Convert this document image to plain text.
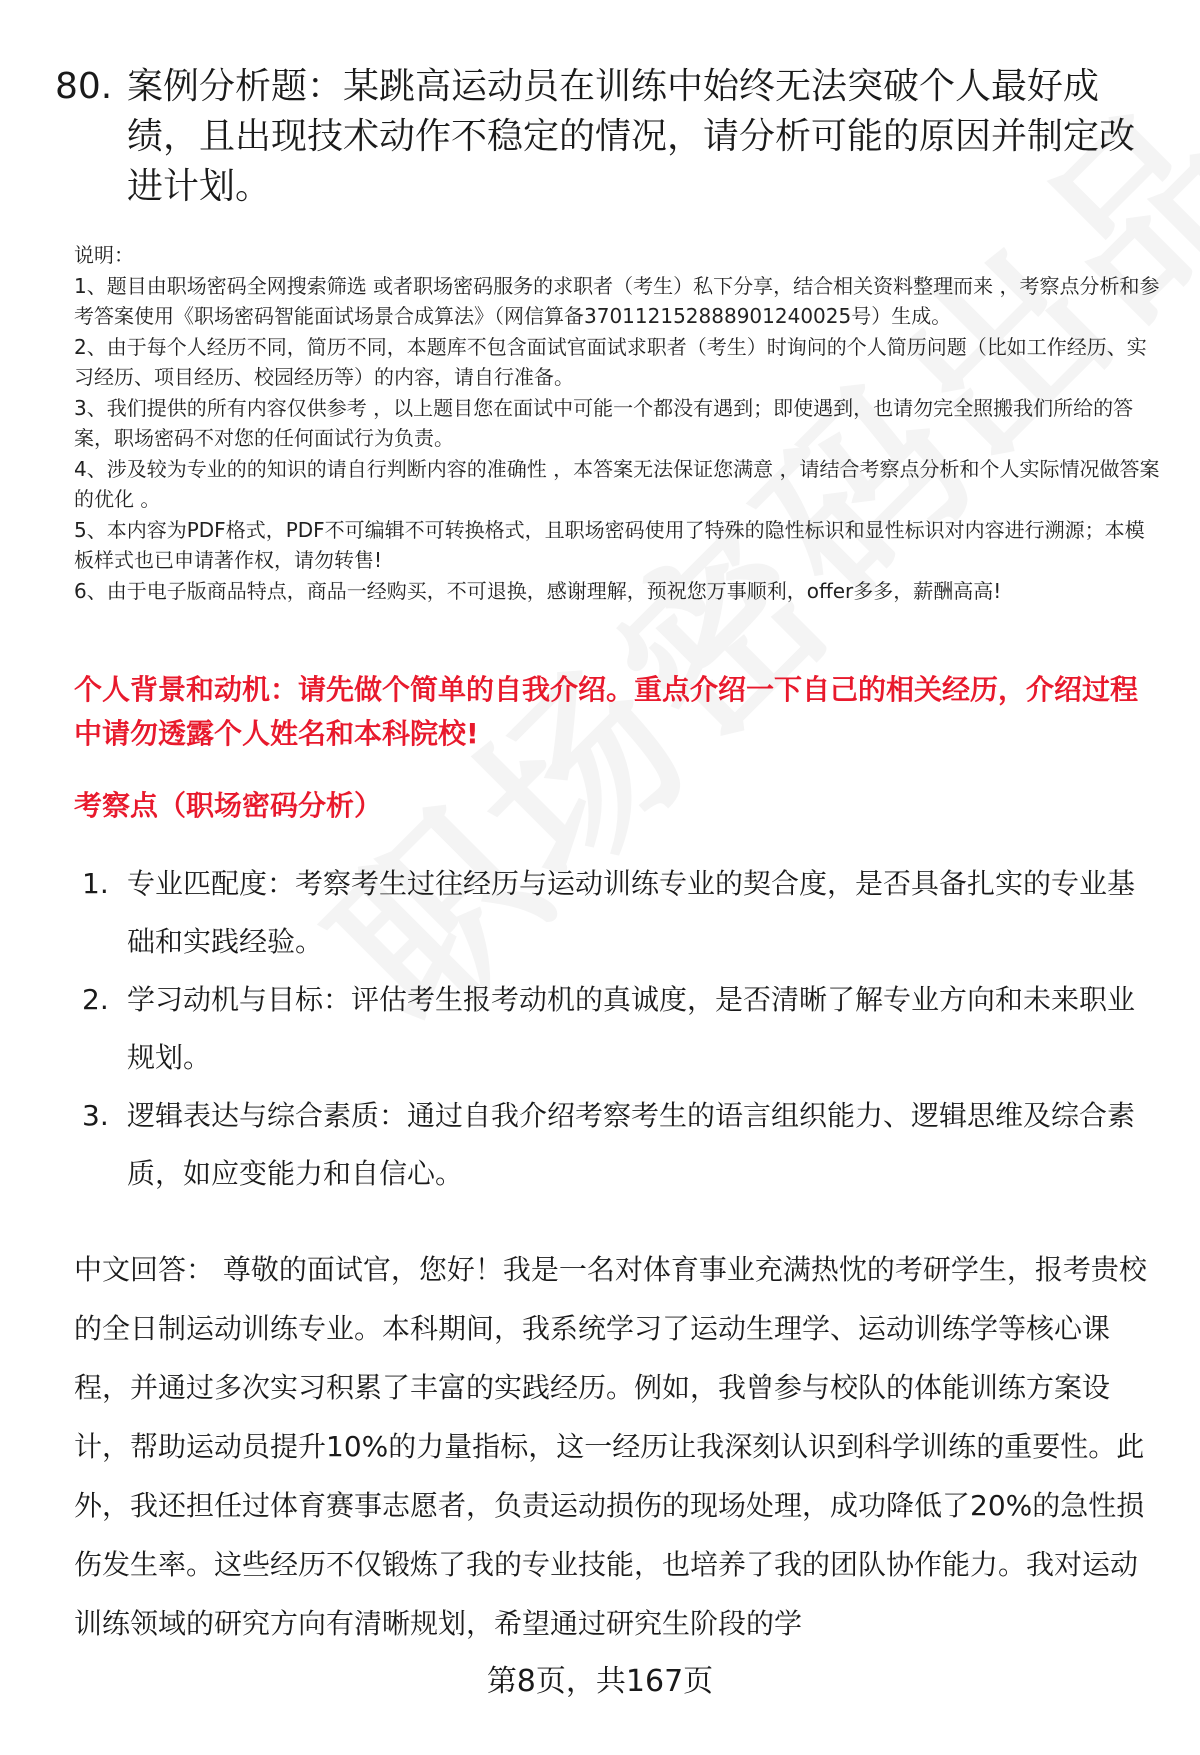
80. 案例分析题：某跳高运动员在训练中始终无法突破个人最好成绩，且出现技术动作不稳定的情况，请分析可能的原因并制定改进计划。

说明：

1、题目由职场密码全网搜索筛选 或者职场密码服务的求职者（考生）私下分享，结合相关资料整理而来 ，考察点分析和参考答案使用《职场密码智能面试场景合成算法》（网信算备370112152888901240025号）生成。

2、由于每个人经历不同，简历不同，本题库不包含面试官面试求职者（考生）时询问的个人简历问题（比如工作经历、实习经历、项目经历、校园经历等）的内容，请自行准备。

3、我们提供的所有内容仅供参考 ，以上题目您在面试中可能一个都没有遇到；即使遇到，也请勿完全照搬我们所给的答案，职场密码不对您的任何面试行为负责。

4、涉及较为专业的的知识的请自行判断内容的准确性 ，本答案无法保证您满意 ，请结合考察点分析和个人实际情况做答案的优化 。

5、本内容为PDF格式，PDF不可编辑不可转换格式，且职场密码使用了特殊的隐性标识和显性标识对内容进行溯源；本模板样式也已申请著作权，请勿转售!

6、由于电子版商品特点，商品一经购买，不可退换，感谢理解，预祝您万事顺利，offer多多，薪酬高高!

个人背景和动机：请先做个简单的自我介绍。重点介绍一下自己的相关经历，介绍过程中请勿透露个人姓名和本科院校!
考察点（职场密码分析）
1. 专业匹配度：考察考生过往经历与运动训练专业的契合度，是否具备扎实的专业基础和实践经验。
2. 学习动机与目标：评估考生报考动机的真诚度，是否清晰了解专业方向和未来职业规划。
3. 逻辑表达与综合素质：通过自我介绍考察考生的语言组织能力、逻辑思维及综合素质，如应变能力和自信心。

中文回答： 尊敬的面试官，您好！我是一名对体育事业充满热忱的考研学生，报考贵校的全日制运动训练专业。本科期间，我系统学习了运动生理学、运动训练学等核心课程，并通过多次实习积累了丰富的实践经历。例如，我曾参与校队的体能训练方案设计，帮助运动员提升10%的力量指标，这一经历让我深刻认识到科学训练的重要性。此外，我还担任过体育赛事志愿者，负责运动损伤的现场处理，成功降低了20%的急性损伤发生率。这些经历不仅锻炼了我的专业技能，也培养了我的团队协作能力。我对运动训练领域的研究方向有清晰规划，希望通过研究生阶段的学

第8页，共167页
